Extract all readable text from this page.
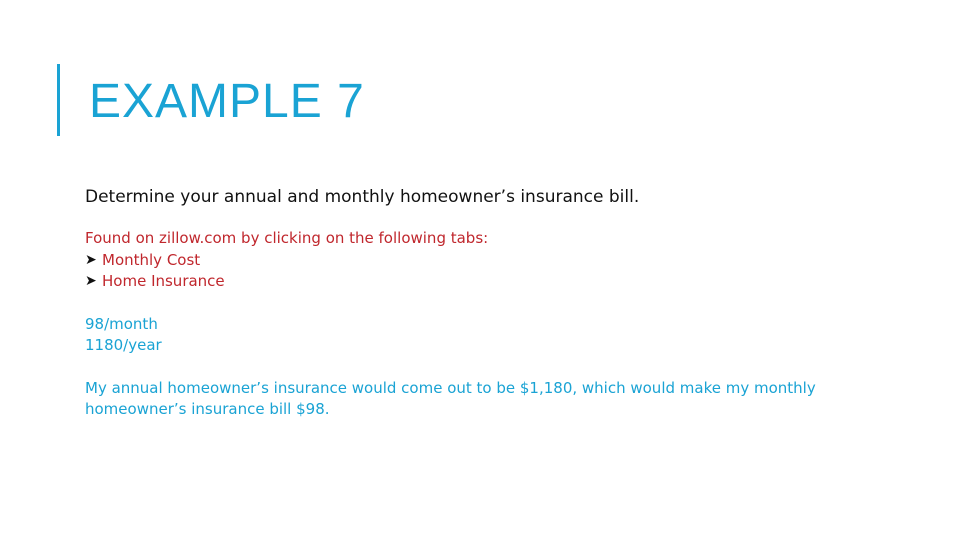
EXAMPLE 7
Determine your annual and monthly homeowner’s insurance bill.
Found on zillow.com by clicking on the following tabs:
➤ Monthly Cost
➤ Home Insurance
98/month
1180/year
My annual homeowner’s insurance would come out to be $1,180, which would make my monthly homeowner’s insurance bill $98.
